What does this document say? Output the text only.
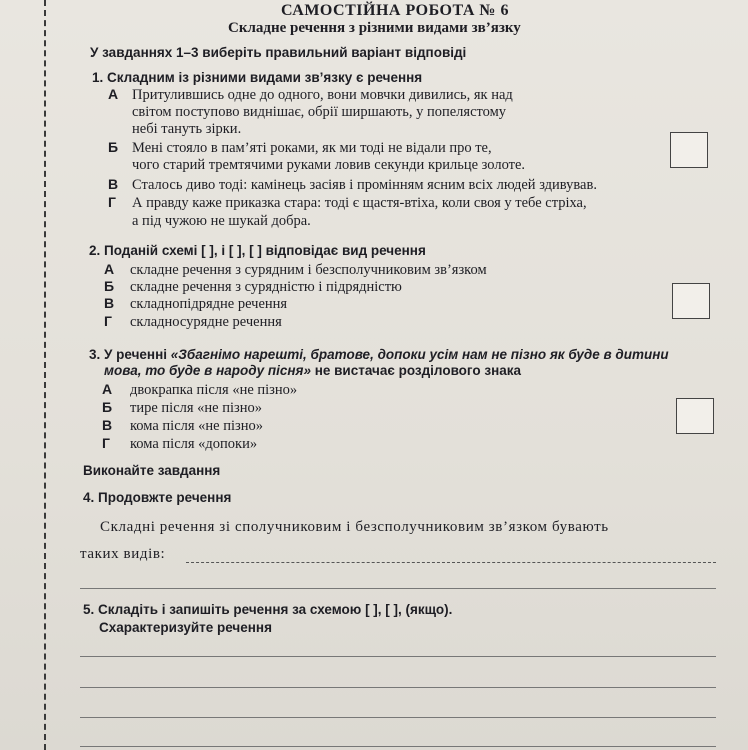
САМОСТІЙНА РОБОТА № 6
Складне речення з різними видами зв’язку
У завданнях 1–3 виберіть правильний варіант відповіді
1. Складним із різними видами зв’язку є речення
А Притулившись одне до одного, вони мовчки дивились, як над
світом поступово виднішає, обрії ширшають, у попелястому
небі тануть зірки.
Б Мені стояло в пам’яті роками, як ми тоді не відали про те,
чого старий тремтячими руками ловив секунди крильце золоте.
В Сталось диво тоді: камінець засіяв і промінням ясним всіх людей здивував.
Г А правду каже приказка стара: тоді є щастя-втіха, коли своя у тебе стріха,
а під чужою не шукай добра.
2. Поданій схемі [ ], і [ ], [ ] відповідає вид речення
А складне речення з сурядним і безсполучниковим зв’язком
Б складне речення з сурядністю і підрядністю
В складнопідрядне речення
Г складносурядне речення
3. У реченні «Збагнімо нарешті, братове, допоки усім нам не пізно як буде в дитини
мова, то буде в народу пісня» не вистачає розділового знака
А двокрапка після «не пізно»
Б тире після «не пізно»
В кома після «не пізно»
Г кома після «допоки»
Виконайте завдання
4. Продовжте речення
Складні речення зі сполучниковим і безсполучниковим зв’язком бувають
таких видів:
5. Складіть і запишіть речення за схемою [ ], [ ], (якщо).
Схарактеризуйте речення
